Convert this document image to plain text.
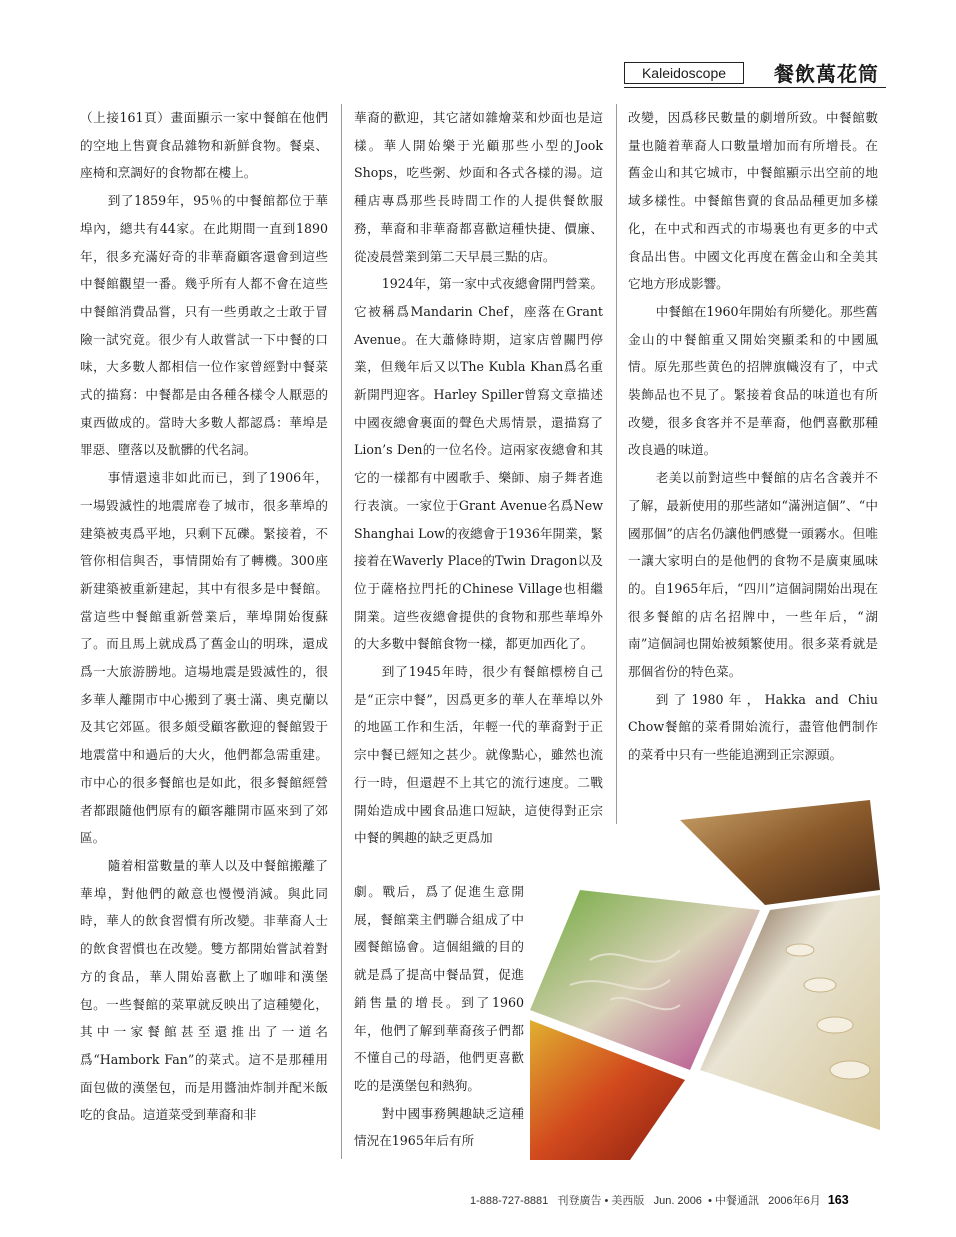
Kaleidoscope	餐飲萬花筒

（上接161頁）畫面顯示一家中餐館在他們的空地上售賣食品雜物和新鮮食物。餐桌、座椅和烹調好的食物都在樓上。

到了1859年，95％的中餐館都位于華埠內，總共有44家。在此期間一直到1890年，很多充滿好奇的非華裔顧客還會到這些中餐館觀望一番。幾乎所有人都不會在這些中餐館消費品嘗，只有一些勇敢之士敢于冒險一試究竟。很少有人敢嘗試一下中餐的口味，大多數人都相信一位作家曾經對中餐菜式的描寫：中餐都是由各種各樣令人厭惡的東西做成的。當時大多數人都認爲：華埠是罪惡、墮落以及骯髒的代名詞。

事情還遠非如此而已，到了1906年，一場毀滅性的地震席卷了城市，很多華埠的建築被夷爲平地，只剩下瓦礫。緊接着，不管你相信與否，事情開始有了轉機。300座新建築被重新建起，其中有很多是中餐館。當這些中餐館重新營業后，華埠開始復蘇了。而且馬上就成爲了舊金山的明珠，還成爲一大旅游勝地。這場地震是毀滅性的，很多華人離開市中心搬到了裏士滿、奧克蘭以及其它郊區。很多頗受顧客歡迎的餐館毀于地震當中和過后的大火，他們都急需重建。市中心的很多餐館也是如此，很多餐館經營者都跟隨他們原有的顧客離開市區來到了郊區。

隨着相當數量的華人以及中餐館搬離了華埠，對他們的敵意也慢慢消減。與此同時，華人的飲食習慣有所改變。非華裔人士的飲食習慣也在改變。雙方都開始嘗試着對方的食品，華人開始喜歡上了咖啡和漢堡包。一些餐館的菜單就反映出了這種變化，其中一家餐館甚至還推出了一道名爲“Hambork Fan”的菜式。這不是那種用面包做的漢堡包，而是用醬油炸制并配米飯吃的食品。這道菜受到華裔和非

華裔的歡迎，其它諸如雜燴菜和炒面也是這樣。華人開始樂于光顧那些小型的Jook Shops，吃些粥、炒面和各式各樣的湯。這種店專爲那些長時間工作的人提供餐飲服務，華裔和非華裔都喜歡這種快捷、價廉、從凌晨營業到第二天早晨三點的店。

1924年，第一家中式夜總會開門營業。它被稱爲Mandarin Chef，座落在Grant Avenue。在大蕭條時期，這家店曾關門停業，但幾年后又以The Kubla Khan爲名重新開門迎客。Harley Spiller曾寫文章描述中國夜總會裏面的聲色犬馬情景，還描寫了Lion’s Den的一位名伶。這兩家夜總會和其它的一樣都有中國歌手、樂師、扇子舞者進行表演。一家位于Grant Avenue名爲New Shanghai Low的夜總會于1936年開業，緊接着在Waverly Place的Twin Dragon以及位于薩格拉門托的Chinese Village也相繼開業。這些夜總會提供的食物和那些華埠外的大多數中餐館食物一樣，都更加西化了。

到了1945年時，很少有餐館標榜自己是“正宗中餐”，因爲更多的華人在華埠以外的地區工作和生活，年輕一代的華裔對于正宗中餐已經知之甚少。就像點心，雖然也流行一時，但還趕不上其它的流行速度。二戰開始造成中國食品進口短缺，這使得對正宗中餐的興趣的缺乏更爲加

劇。戰后，爲了促進生意開展，餐館業主們聯合組成了中國餐館協會。這個組織的目的就是爲了提高中餐品質，促進銷售量的增長。到了1960年，他們了解到華裔孩子們都不懂自己的母語，他們更喜歡吃的是漢堡包和熱狗。

對中國事務興趣缺乏這種情況在1965年后有所

改變，因爲移民數量的劇增所致。中餐館數量也隨着華裔人口數量增加而有所增長。在舊金山和其它城市，中餐館顯示出空前的地域多樣性。中餐館售賣的食品品種更加多樣化，在中式和西式的市場裏也有更多的中式食品出售。中國文化再度在舊金山和全美其它地方形成影響。

中餐館在1960年開始有所變化。那些舊金山的中餐館重又開始突顯柔和的中國風情。原先那些黄色的招牌旗幟沒有了，中式裝飾品也不見了。緊接着食品的味道也有所改變，很多食客并不是華裔，他們喜歡那種改良過的味道。

老美以前對這些中餐館的店名含義并不了解，最新使用的那些諸如“滿洲這個”、“中國那個”的店名仍讓他們感覺一頭霧水。但唯一讓大家明白的是他們的食物不是廣東風味的。自1965年后，“四川”這個詞開始出現在很多餐館的店名招牌中，一些年后，“湖南”這個詞也開始被頻繁使用。很多菜肴就是那個省份的特色菜。

到了1980年，Hakka and Chiu Chow餐館的菜肴開始流行，盡管他們制作的菜肴中只有一些能追溯到正宗源頭。

1-888-727-8881 刊登廣告 • 美西版 Jun. 2006 • 中餐通訊 2006年6月 163
